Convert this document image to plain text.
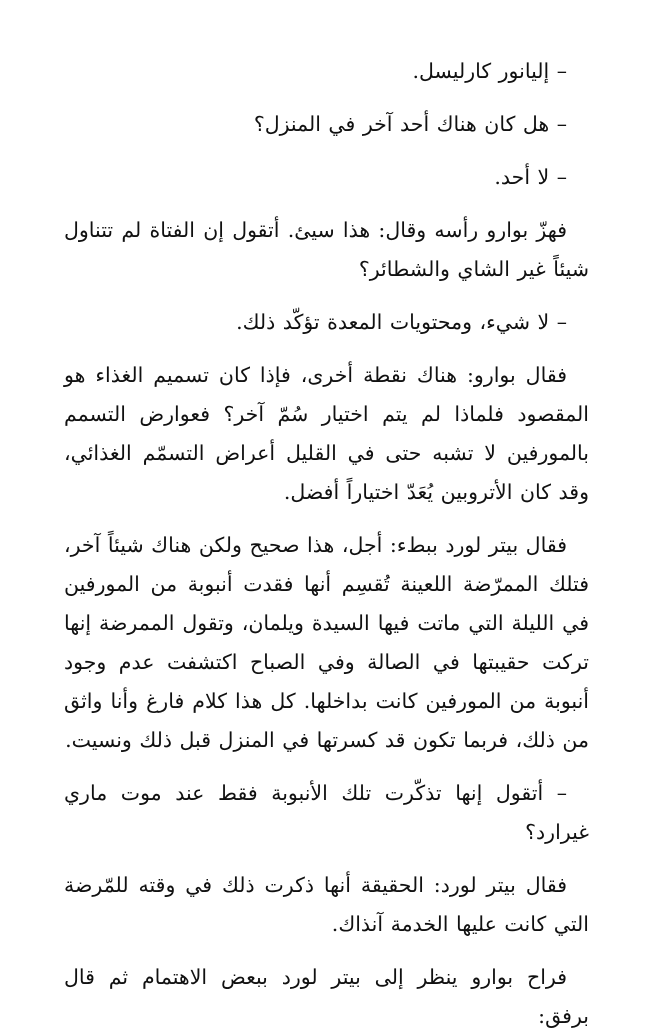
– إليانور كارليسل.

– هل كان هناك أحد آخر في المنزل؟

– لا أحد.

فهزّ بوارو رأسه وقال: هذا سيئ. أتقول إن الفتاة لم تتناول شيئاً غير الشاي والشطائر؟

– لا شيء، ومحتويات المعدة تؤكّد ذلك.

فقال بوارو: هناك نقطة أخرى، فإذا كان تسميم الغذاء هو المقصود فلماذا لم يتم اختيار سُمّ آخر؟ فعوارض التسمم بالمورفين لا تشبه حتى في القليل أعراض التسمّم الغذائي، وقد كان الأتروبين يُعَدّ اختياراً أفضل.

فقال بيتر لورد ببطء: أجل، هذا صحيح ولكن هناك شيئاً آخر، فتلك الممرّضة اللعينة تُقسِم أنها فقدت أنبوبة من المورفين في الليلة التي ماتت فيها السيدة ويلمان، وتقول الممرضة إنها تركت حقيبتها في الصالة وفي الصباح اكتشفت عدم وجود أنبوبة من المورفين كانت بداخلها. كل هذا كلام فارغ وأنا واثق من ذلك، فربما تكون قد كسرتها في المنزل قبل ذلك ونسيت.

– أتقول إنها تذكّرت تلك الأنبوبة فقط عند موت ماري غيرارد؟

فقال بيتر لورد: الحقيقة أنها ذكرت ذلك في وقته للمّرضة التي كانت عليها الخدمة آنذاك.

فراح بوارو ينظر إلى بيتر لورد ببعض الاهتمام ثم قال برفق:
